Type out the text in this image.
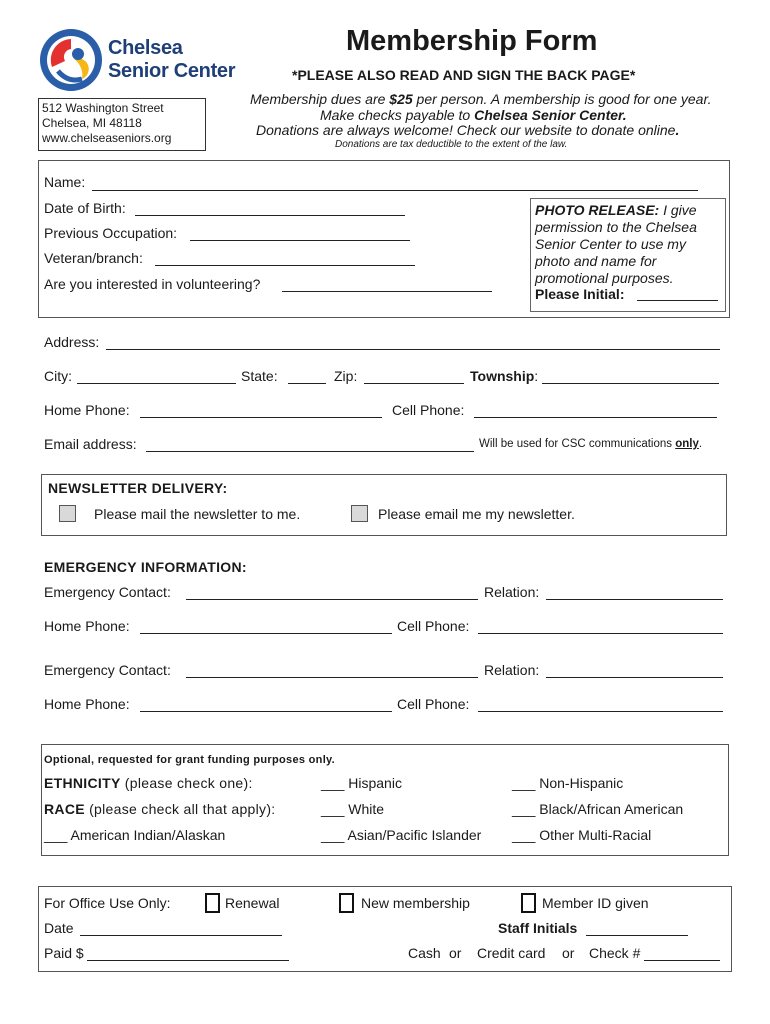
Chelsea
Senior Center
512 Washington Street
Chelsea, MI 48118
www.chelseaseniors.org
Membership Form
*PLEASE ALSO READ AND SIGN THE BACK PAGE*
Membership dues are $25 per person. A membership is good for one year.
Make checks payable to Chelsea Senior Center.
Donations are always welcome! Check our website to donate online.
Donations are tax deductible to the extent of the law.
Name:
Date of Birth:
Previous Occupation:
Veteran/branch:
Are you interested in volunteering?
PHOTO RELEASE: I give
permission to the Chelsea
Senior Center to use my
photo and name for
promotional purposes.
Please Initial:
Address:
City:	State:	Zip:	Township:
Home Phone:	Cell Phone:
Email address:	Will be used for CSC communications only.
NEWSLETTER DELIVERY:
Please mail the newsletter to me.	Please email me my newsletter.
EMERGENCY INFORMATION:
Emergency Contact:	Relation:
Home Phone:	Cell Phone:
Emergency Contact:	Relation:
Home Phone:	Cell Phone:
Optional, requested for grant funding purposes only.
ETHNICITY (please check one):	___ Hispanic	___ Non-Hispanic
RACE (please check all that apply):	___ White	___ Black/African American
___ American Indian/Alaskan	___ Asian/Pacific Islander ___ Other Multi-Racial
For Office Use Only:	Renewal	New membership	Member ID given
Date	Staff Initials
Paid $	Cash or Credit card or Check #
